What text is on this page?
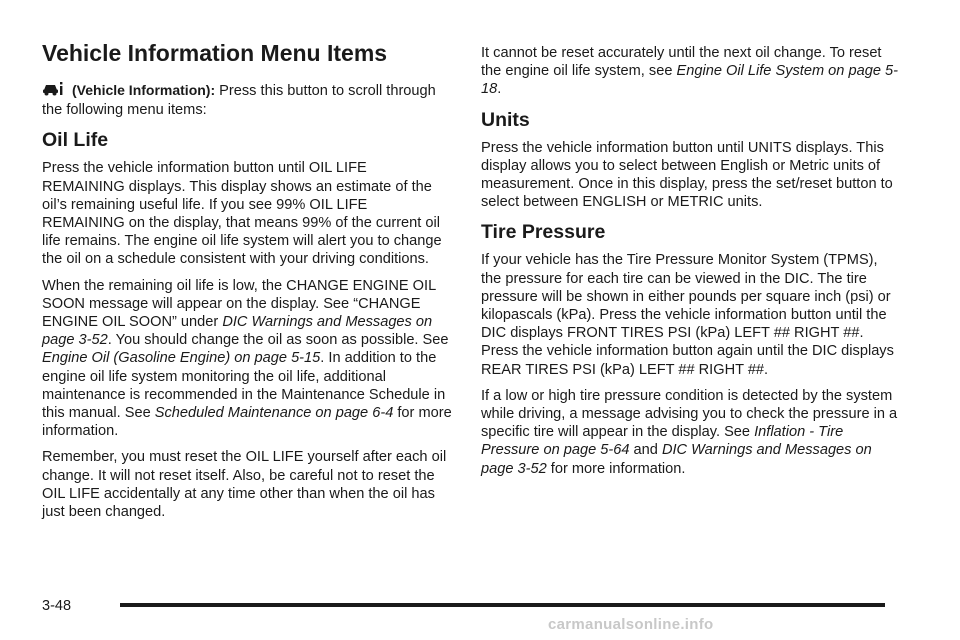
Vehicle Information Menu Items

(Vehicle Information): Press this button to scroll through the following menu items:

Oil Life

Press the vehicle information button until OIL LIFE REMAINING displays. This display shows an estimate of the oil’s remaining useful life. If you see 99% OIL LIFE REMAINING on the display, that means 99% of the current oil life remains. The engine oil life system will alert you to change the oil on a schedule consistent with your driving conditions.

When the remaining oil life is low, the CHANGE ENGINE OIL SOON message will appear on the display. See “CHANGE ENGINE OIL SOON” under DIC Warnings and Messages on page 3-52. You should change the oil as soon as possible. See Engine Oil (Gasoline Engine) on page 5-15. In addition to the engine oil life system monitoring the oil life, additional maintenance is recommended in the Maintenance Schedule in this manual. See Scheduled Maintenance on page 6-4 for more information.

Remember, you must reset the OIL LIFE yourself after each oil change. It will not reset itself. Also, be careful not to reset the OIL LIFE accidentally at any time other than when the oil has just been changed.

It cannot be reset accurately until the next oil change. To reset the engine oil life system, see Engine Oil Life System on page 5-18.

Units

Press the vehicle information button until UNITS displays. This display allows you to select between English or Metric units of measurement. Once in this display, press the set/reset button to select between ENGLISH or METRIC units.

Tire Pressure

If your vehicle has the Tire Pressure Monitor System (TPMS), the pressure for each tire can be viewed in the DIC. The tire pressure will be shown in either pounds per square inch (psi) or kilopascals (kPa). Press the vehicle information button until the DIC displays FRONT TIRES PSI (kPa) LEFT ## RIGHT ##. Press the vehicle information button again until the DIC displays REAR TIRES PSI (kPa) LEFT ## RIGHT ##.

If a low or high tire pressure condition is detected by the system while driving, a message advising you to check the pressure in a specific tire will appear in the display. See Inflation - Tire Pressure on page 5-64 and DIC Warnings and Messages on page 3-52 for more information.

3-48
carmanualsonline.info
